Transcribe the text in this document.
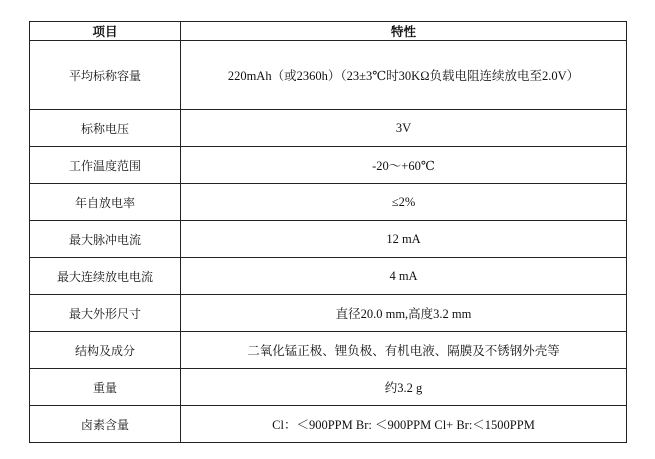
项目	特性
平均标称容量	220mAh（或2360h）（23±3℃时30KΩ负载电阻连续放电至2.0V）
标称电压	3V
工作温度范围	-20～+60℃
年自放电率	≤2%
最大脉冲电流	12 mA
最大连续放电电流	4 mA
最大外形尺寸	直径20.0 mm,高度3.2 mm
结构及成分	二氧化锰正极、锂负极、有机电液、隔膜及不锈钢外壳等
重量	约3.2 g
卤素含量	Cl：＜900PPM Br: ＜900PPM Cl+ Br:＜1500PPM
